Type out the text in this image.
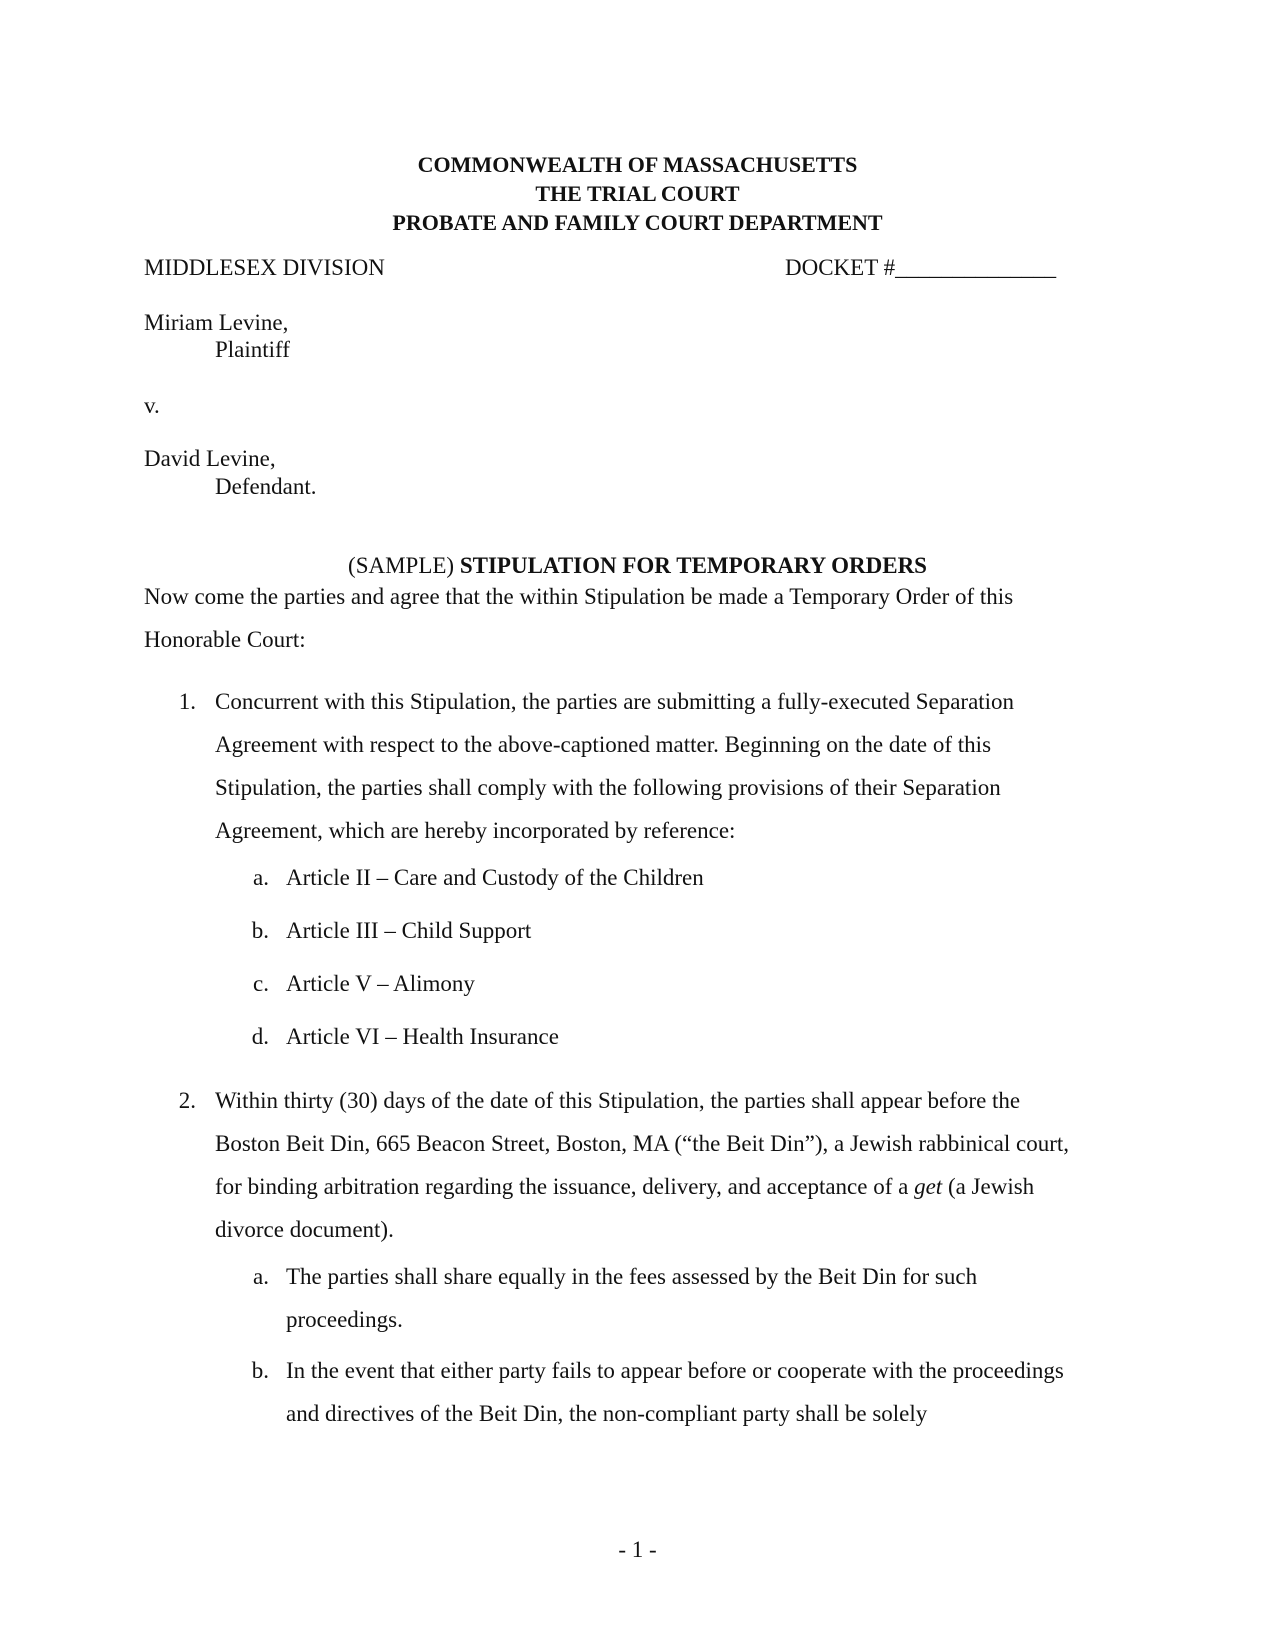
COMMONWEALTH OF MASSACHUSETTS
THE TRIAL COURT
PROBATE AND FAMILY COURT DEPARTMENT
MIDDLESEX DIVISION	DOCKET #______________
Miriam Levine,
Plaintiff
v.
David Levine,
Defendant.
(SAMPLE) STIPULATION FOR TEMPORARY ORDERS
Now come the parties and agree that the within Stipulation be made a Temporary Order of this Honorable Court:
1. Concurrent with this Stipulation, the parties are submitting a fully-executed Separation Agreement with respect to the above-captioned matter. Beginning on the date of this Stipulation, the parties shall comply with the following provisions of their Separation Agreement, which are hereby incorporated by reference:
a. Article II – Care and Custody of the Children
b. Article III – Child Support
c. Article V – Alimony
d. Article VI – Health Insurance
2. Within thirty (30) days of the date of this Stipulation, the parties shall appear before the Boston Beit Din, 665 Beacon Street, Boston, MA (“the Beit Din”), a Jewish rabbinical court, for binding arbitration regarding the issuance, delivery, and acceptance of a get (a Jewish divorce document).
a. The parties shall share equally in the fees assessed by the Beit Din for such proceedings.
b. In the event that either party fails to appear before or cooperate with the proceedings and directives of the Beit Din, the non-compliant party shall be solely
- 1 -
